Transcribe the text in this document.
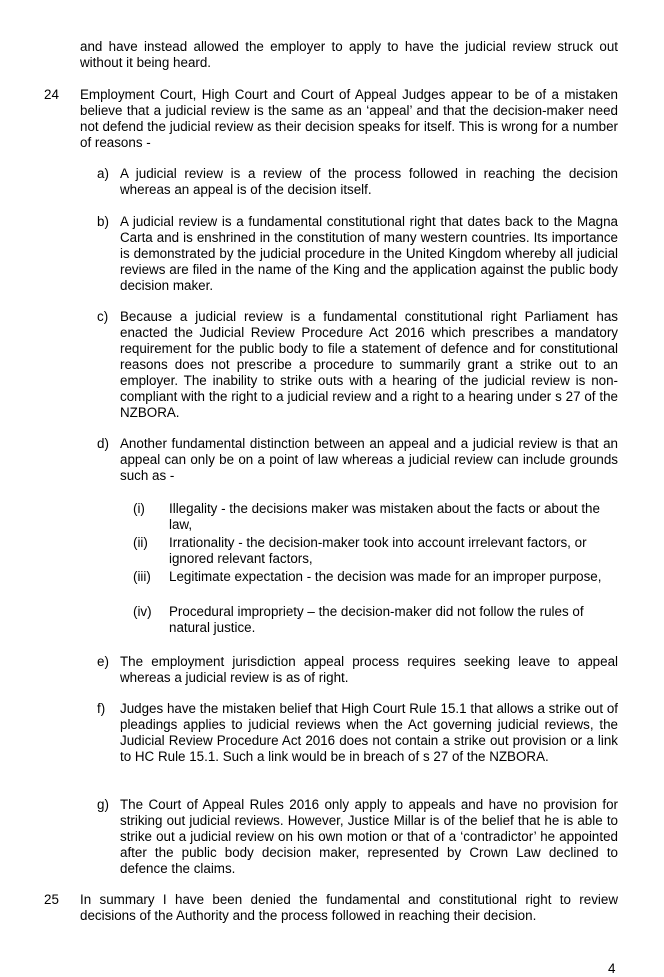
and have instead allowed the employer to apply to have the judicial review struck out without it being heard.

24	Employment Court, High Court and Court of Appeal Judges appear to be of a mistaken believe that a judicial review is the same as an ‘appeal’ and that the decision-maker need not defend the judicial review as their decision speaks for itself. This is wrong for a number of reasons -

a) A judicial review is a review of the process followed in reaching the decision whereas an appeal is of the decision itself.

b) A judicial review is a fundamental constitutional right that dates back to the Magna Carta and is enshrined in the constitution of many western countries. Its importance is demonstrated by the judicial procedure in the United Kingdom whereby all judicial reviews are filed in the name of the King and the application against the public body decision maker.

c) Because a judicial review is a fundamental constitutional right Parliament has enacted the Judicial Review Procedure Act 2016 which prescribes a mandatory requirement for the public body to file a statement of defence and for constitutional reasons does not prescribe a procedure to summarily grant a strike out to an employer. The inability to strike outs with a hearing of the judicial review is non-compliant with the right to a judicial review and a right to a hearing under s 27 of the NZBORA.

d) Another fundamental distinction between an appeal and a judicial review is that an appeal can only be on a point of law whereas a judicial review can include grounds such as -

(i)	Illegality - the decisions maker was mistaken about the facts or about the law,

(ii)	Irrationality - the decision-maker took into account irrelevant factors, or ignored relevant factors,

(iii)	Legitimate expectation - the decision was made for an improper purpose,

(iv)	Procedural impropriety – the decision-maker did not follow the rules of natural justice.

e) The employment jurisdiction appeal process requires seeking leave to appeal whereas a judicial review is as of right.

f)	Judges have the mistaken belief that High Court Rule 15.1 that allows a strike out of pleadings applies to judicial reviews when the Act governing judicial reviews, the Judicial Review Procedure Act 2016 does not contain a strike out provision or a link to HC Rule 15.1. Such a link would be in breach of s 27 of the NZBORA.

g) The Court of Appeal Rules 2016 only apply to appeals and have no provision for striking out judicial reviews. However, Justice Millar is of the belief that he is able to strike out a judicial review on his own motion or that of a ‘contradictor’ he appointed after the public body decision maker, represented by Crown Law declined to defence the claims.

25	In summary I have been denied the fundamental and constitutional right to review decisions of the Authority and the process followed in reaching their decision.

4
